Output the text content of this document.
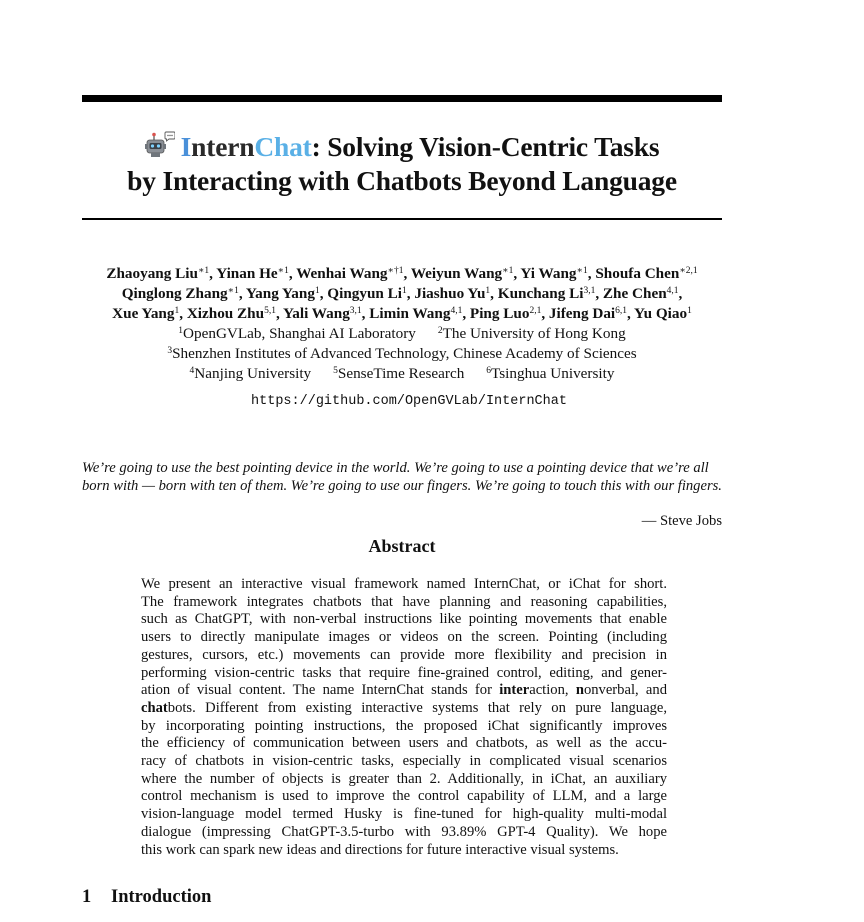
InternChat: Solving Vision-Centric Tasks
by Interacting with Chatbots Beyond Language
Zhaoyang Liu$^{∗1}$, Yinan $He^{∗1}$, Wenhai Wang$^{∗\dagger 1}$, Weiyun Wang$^{∗1}$, Yi Wang$^{∗1}$, Shoufa Chen$^{∗2,1}$
Qinglong Zhang$^{∗1}$, Yang Yang$^1$, Qingyun Li$^1$, Jiashuo Yu$^1$, Kunchang Li$^{3,1}$, Zhe Chen$^{4,1}$,
Xue Yang$^1$, Xizhou Zhu$^{5,1}$, Yali Wang$^{3,1}$, Limin Wang$^{4,1}$, Ping Luo$^{2,1}$, Jifeng Dai$^{6,1}$, Yu Qiao$^1$
$^1$OpenGVLab, Shanghai AI Laboratory $^2$The University of Hong Kong
$^3$Shenzhen Institutes of Advanced Technology, Chinese Academy of Sciences
$^4$Nanjing University $^5$SenseTime Research $^6$Tsinghua University
https://github.com/OpenGVLab/InternChat
We’re going to use the best pointing device in the world. We’re going to use a pointing device that we’re all born with — born with ten of them. We’re going to use our fingers. We’re going to touch this with our fingers.
— Steve Jobs
Abstract
We present an interactive visual framework named InternChat, or iChat for short.
The framework integrates chatbots that have planning and reasoning capabilities,
such as ChatGPT, with non-verbal instructions like pointing movements that enable
users to directly manipulate images or videos on the screen. Pointing (including
gestures, cursors, etc.) movements can provide more flexibility and precision in
performing vision-centric tasks that require fine-grained control, editing, and gener-
ation of visual content. The name InternChat stands for interaction, nonverbal, and
chatbots. Different from existing interactive systems that rely on pure language,
by incorporating pointing instructions, the proposed iChat significantly improves
the efficiency of communication between users and chatbots, as well as the accu-
racy of chatbots in vision-centric tasks, especially in complicated visual scenarios
where the number of objects is greater than 2. Additionally, in iChat, an auxiliary
control mechanism is used to improve the control capability of LLM, and a large
vision-language model termed Husky is fine-tuned for high-quality multi-modal
dialogue (impressing ChatGPT-3.5-turbo with 93.89% GPT-4 Quality). We hope
this work can spark new ideas and directions for future interactive visual systems.
1 Introduction
